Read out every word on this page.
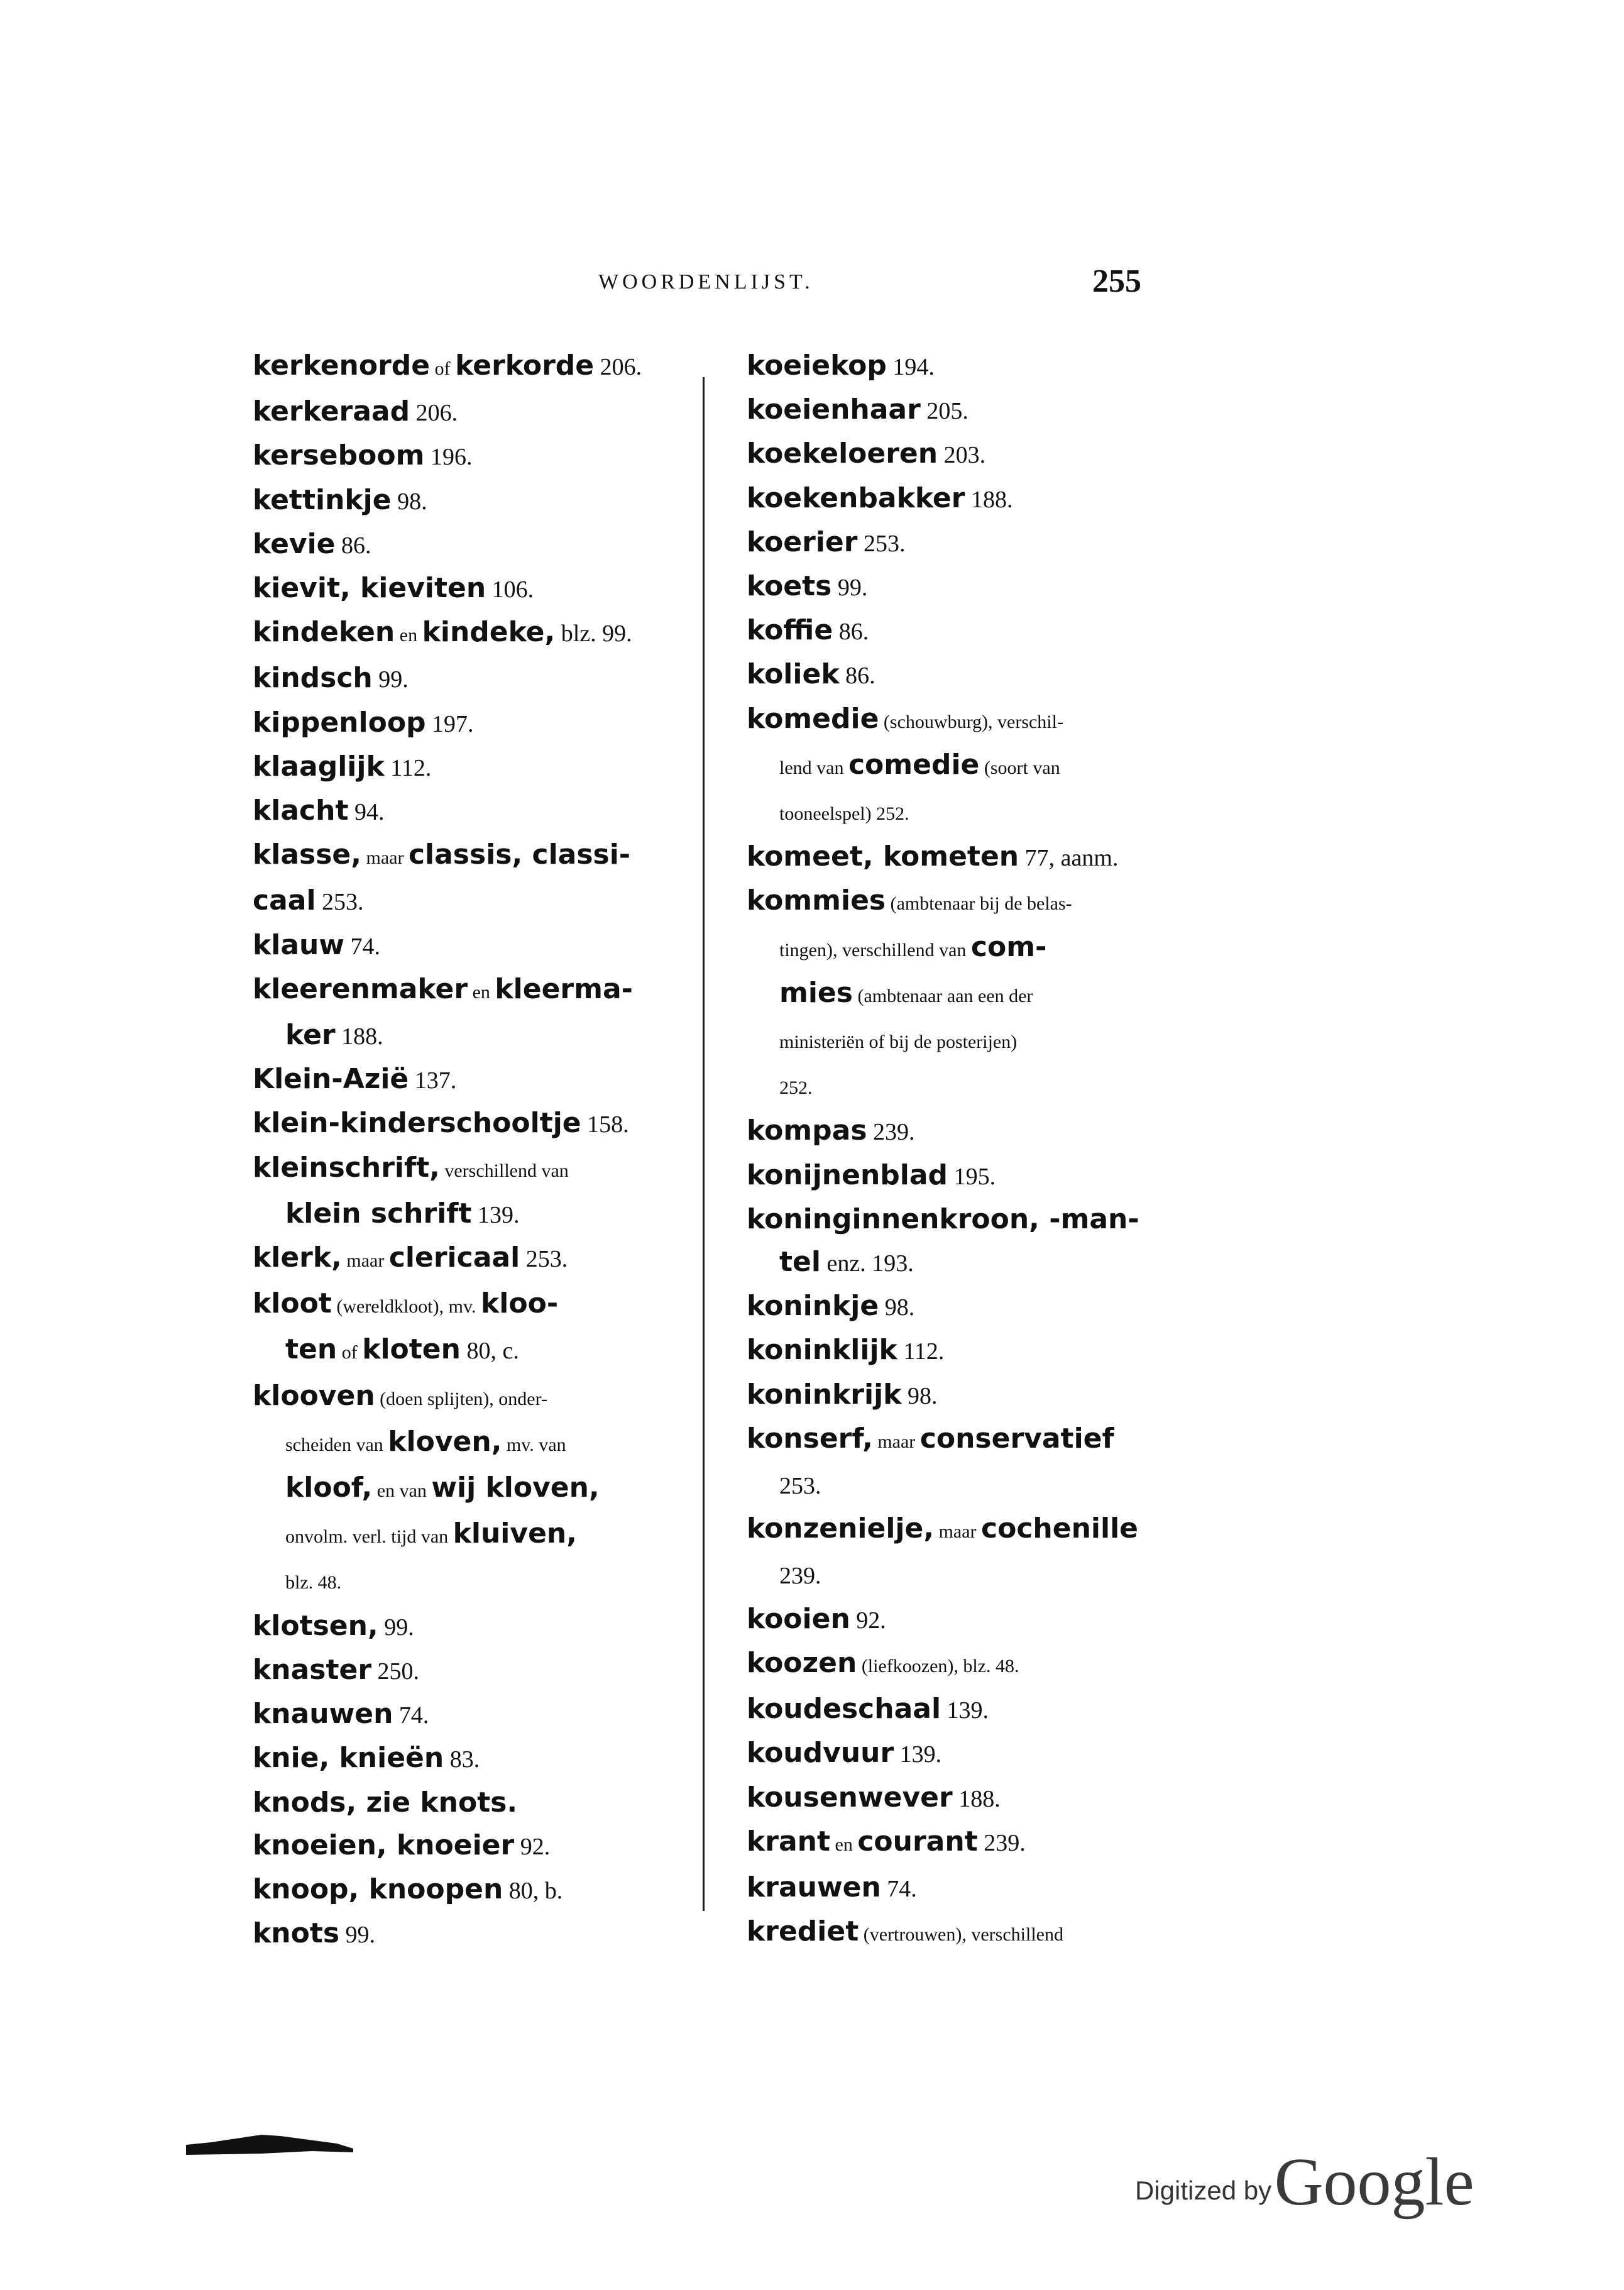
WOORDENLIJST.	255
kerkenorde of kerkorde 206.
kerkeraad 206.
kerseboom 196.
kettinkje 98.
kevie 86.
kievit, kieviten 106.
kindeken en kindeke, blz. 99.
kindsch 99.
kippenloop 197.
klaaglijk 112.
klacht 94.
klasse, maar classis, classi-
caal 253.
klauw 74.
kleerenmaker en kleerma-
ker 188.
Klein-Azië 137.
klein-kinderschooltje 158.
kleinschrift, verschillend van
klein schrift 139.
klerk, maar clericaal 253.
kloot (wereldkloot), mv. kloo-
ten of kloten 80, c.
klooven (doen splijten), onder-
scheiden van kloven, mv. van
kloof, en van wij kloven,
onvolm. verl. tijd van kluiven,
blz. 48.
klotsen, 99.
knaster 250.
knauwen 74.
knie, knieën 83.
knods, zie knots.
knoeien, knoeier 92.
knoop, knoopen 80, b.
knots 99.
koeiekop 194.
koeienhaar 205.
koekeloeren 203.
koekenbakker 188.
koerier 253.
koets 99.
koffie 86.
koliek 86.
komedie (schouwburg), verschil-
lend van comedie (soort van
tooneelspel) 252.
komeet, kometen 77, aanm.
kommies (ambtenaar bij de belas-
tingen), verschillend van com-
mies (ambtenaar aan een der
ministeriën of bij de posterijen)
252.
kompas 239.
konijnenblad 195.
koninginnenkroon, -man-
tel enz. 193.
koninkje 98.
koninklijk 112.
koninkrijk 98.
konserf, maar conservatief
253.
konzenielje, maar cochenille
239.
kooien 92.
koozen (liefkoozen), blz. 48.
koudeschaal 139.
koudvuur 139.
kousenwever 188.
krant en courant 239.
krauwen 74.
krediet (vertrouwen), verschillend
Digitized by Google
